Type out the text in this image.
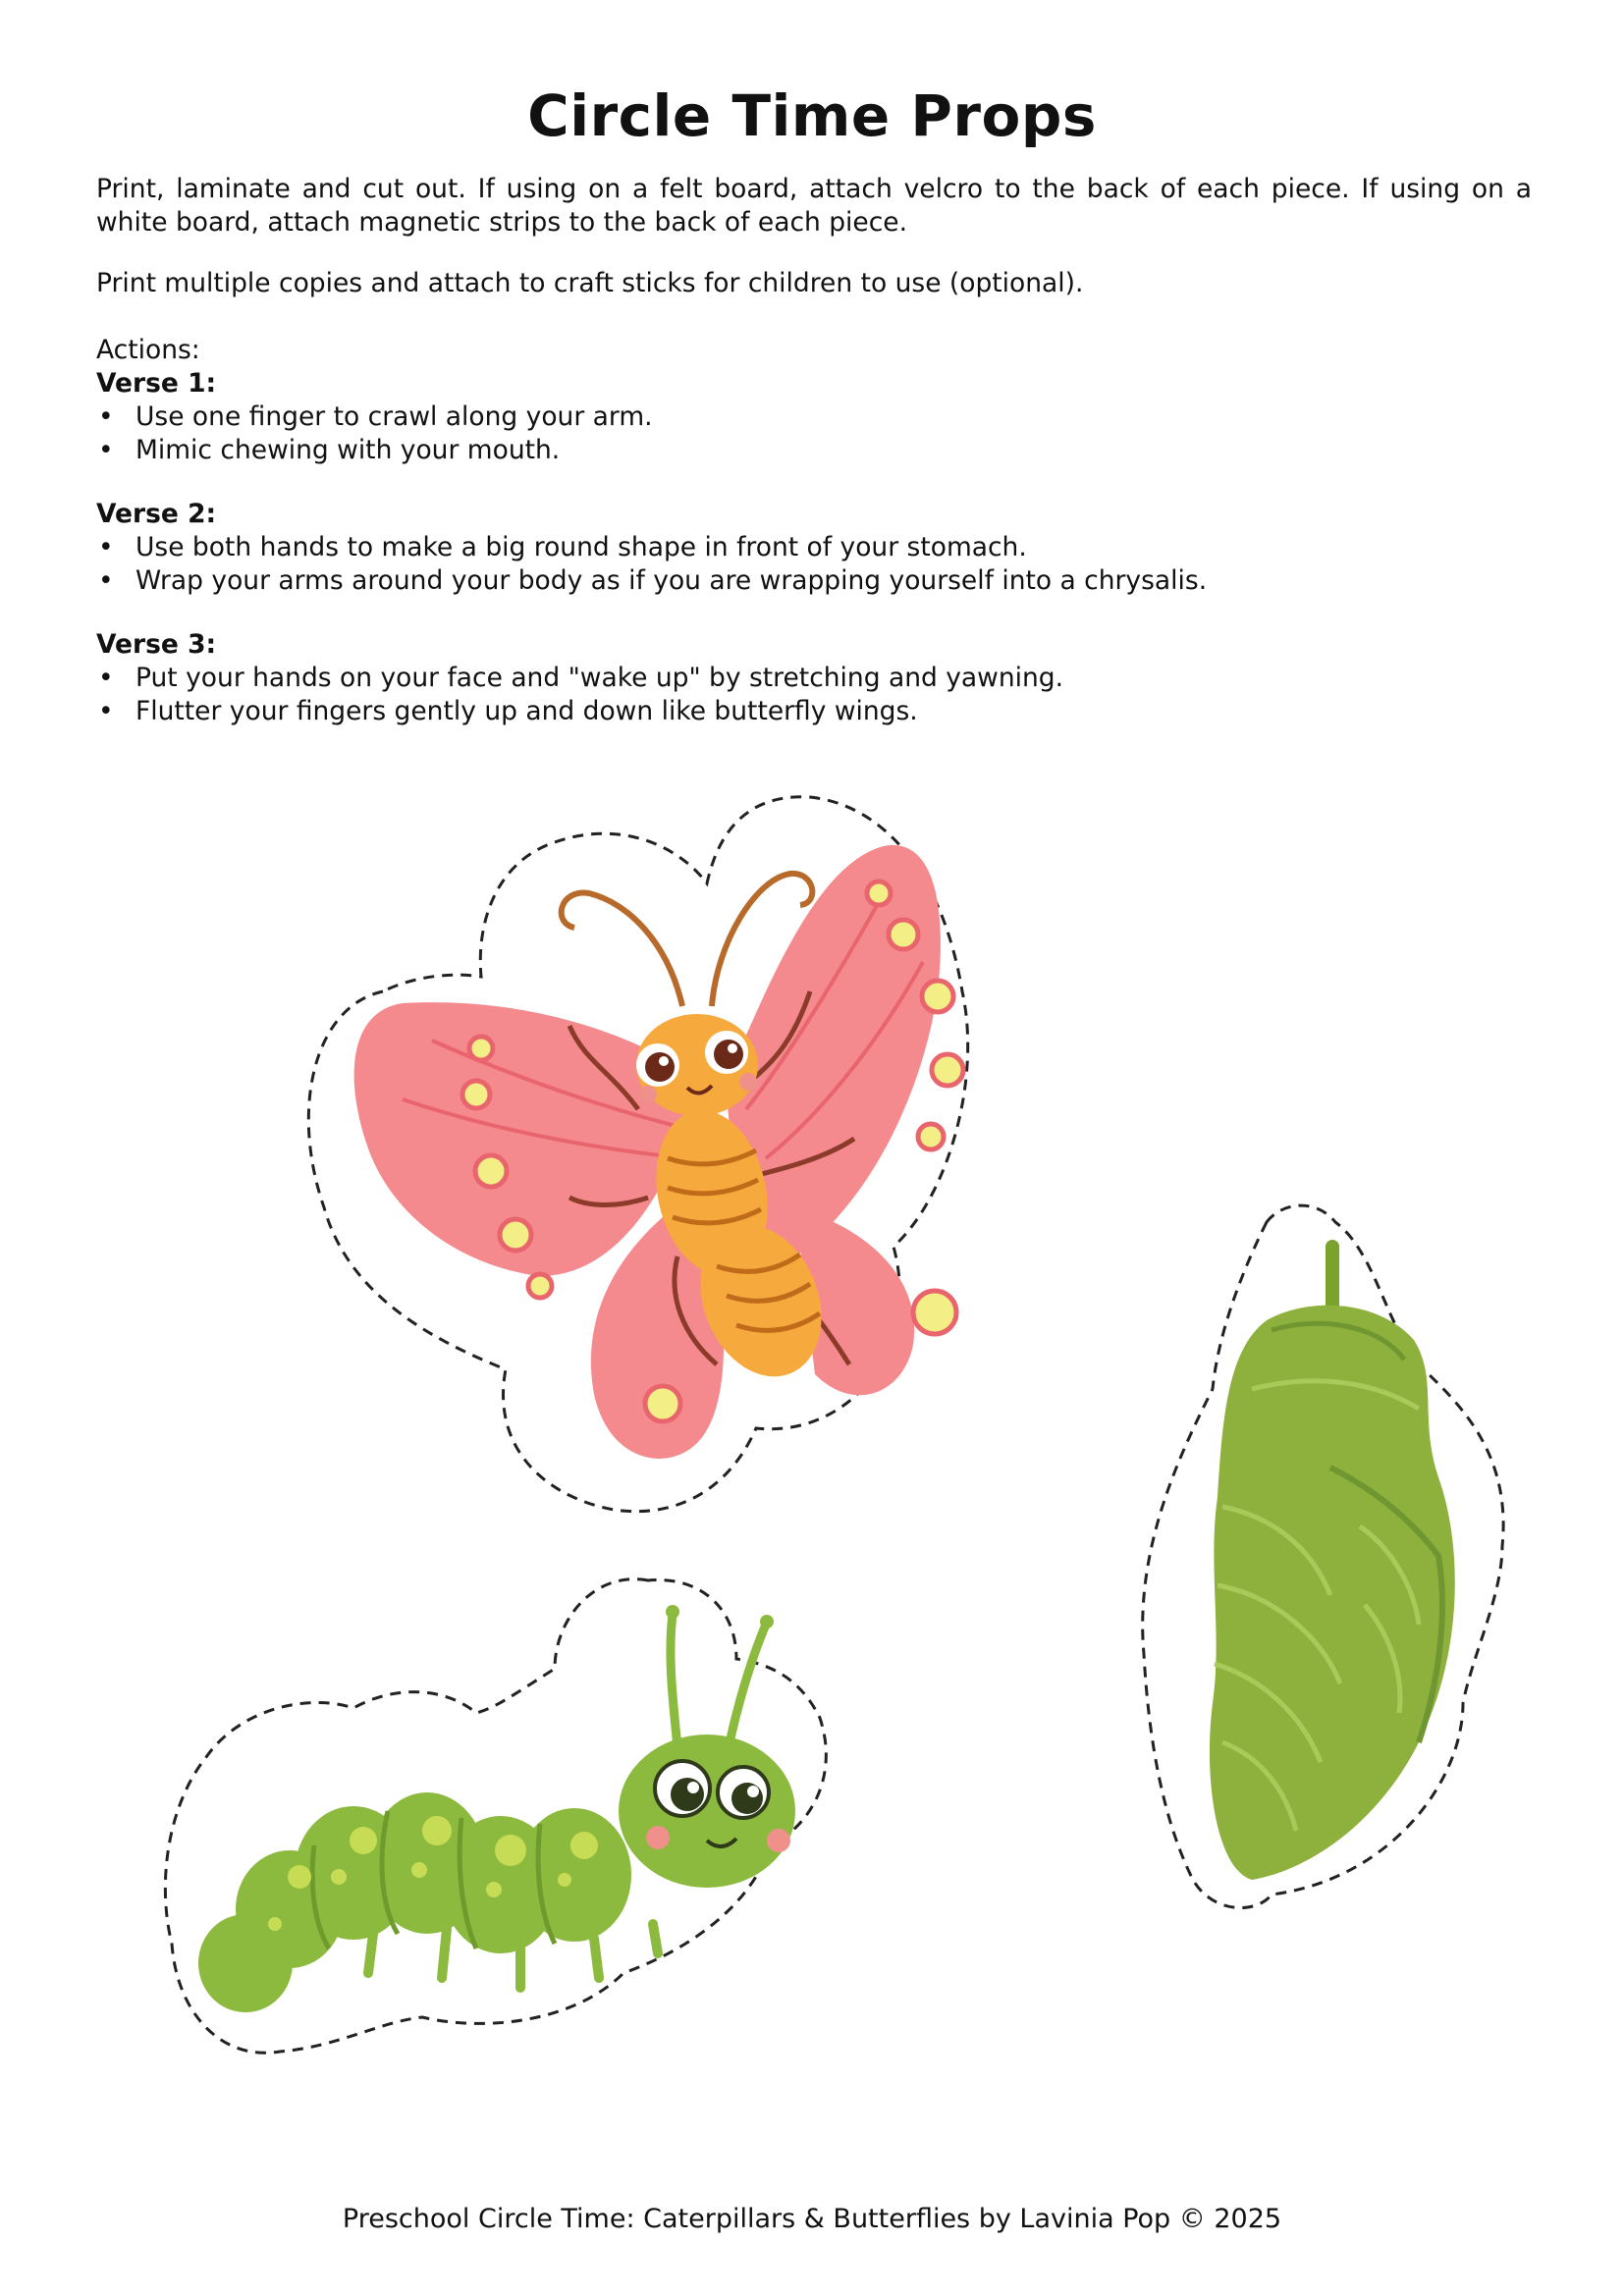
Circle Time Props

Print, laminate and cut out. If using on a felt board, attach velcro to the back of each piece. If using on a white board, attach magnetic strips to the back of each piece.

Print multiple copies and attach to craft sticks for children to use (optional).

Actions:

Verse 1:

• Use one finger to crawl along your arm.
• Mimic chewing with your mouth.

Verse 2:

• Use both hands to make a big round shape in front of your stomach.
• Wrap your arms around your body as if you are wrapping yourself into a chrysalis.

Verse 3:

• Put your hands on your face and "wake up" by stretching and yawning.
• Flutter your fingers gently up and down like butterfly wings.
Preschool Circle Time: Caterpillars & Butterflies by Lavinia Pop © 2025
